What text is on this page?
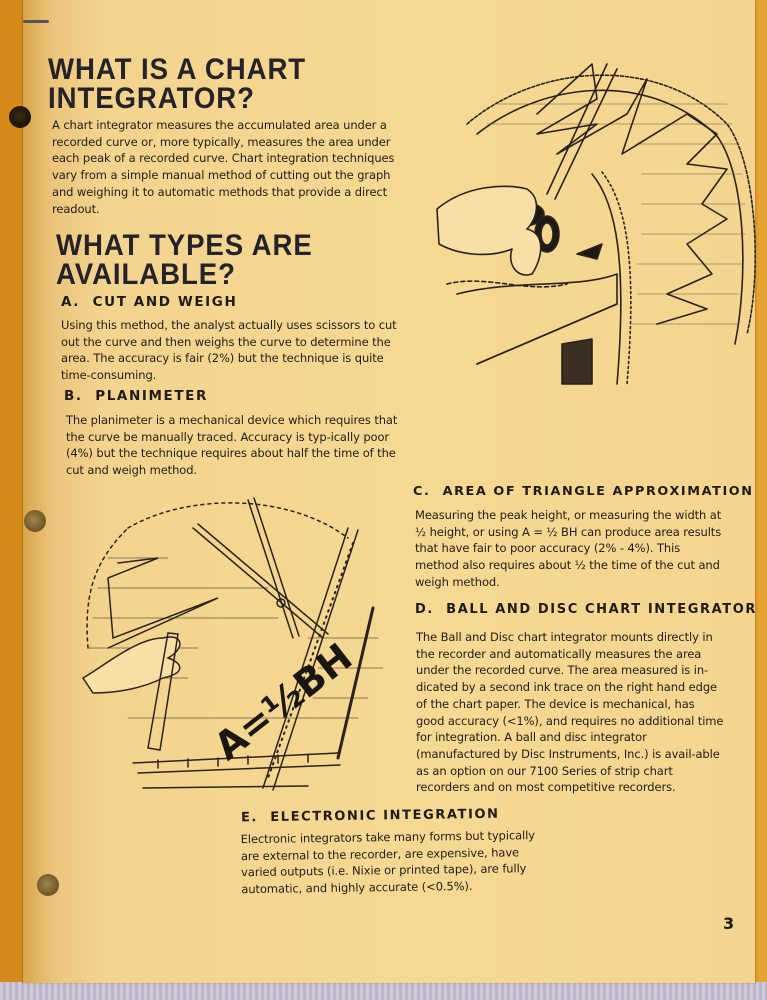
WHAT IS A CHART
INTEGRATOR?

A chart integrator measures the accumulated area under a recorded curve or, more typically, measures the area under each peak of a recorded curve. Chart integration techniques vary from a simple manual method of cutting out the graph and weighing it to automatic methods that provide a direct readout.

WHAT TYPES ARE
AVAILABLE?
A.  CUT AND WEIGH

Using this method, the analyst actually uses scissors to cut out the curve and then weighs the curve to determine the area. The accuracy is fair (2%) but the technique is quite time-consuming.

B.  PLANIMETER

The planimeter is a mechanical device which requires that the curve be manually traced. Accuracy is typ-ically poor (4%) but the technique requires about half the time of the cut and weigh method.

C.  AREA OF TRIANGLE APPROXIMATION

Measuring the peak height, or measuring the width at ½ height, or using A = ½ BH can produce area results that have fair to poor accuracy (2% - 4%). This method also requires about ½ the time of the cut and weigh method.

D.  BALL AND DISC CHART INTEGRATOR

The Ball and Disc chart integrator mounts directly in the recorder and automatically measures the area under the recorded curve. The area measured is in-dicated by a second ink trace on the right hand edge of the chart paper. The device is mechanical, has good accuracy (<1%), and requires no additional time for integration. A ball and disc integrator (manufactured by Disc Instruments, Inc.) is avail-able as an option on our 7100 Series of strip chart recorders and on most competitive recorders.

E.  ELECTRONIC INTEGRATION

Electronic integrators take many forms but typically are external to the recorder, are expensive, have varied outputs (i.e. Nixie or printed tape), are fully automatic, and highly accurate (<0.5%).

A=½BH
3
